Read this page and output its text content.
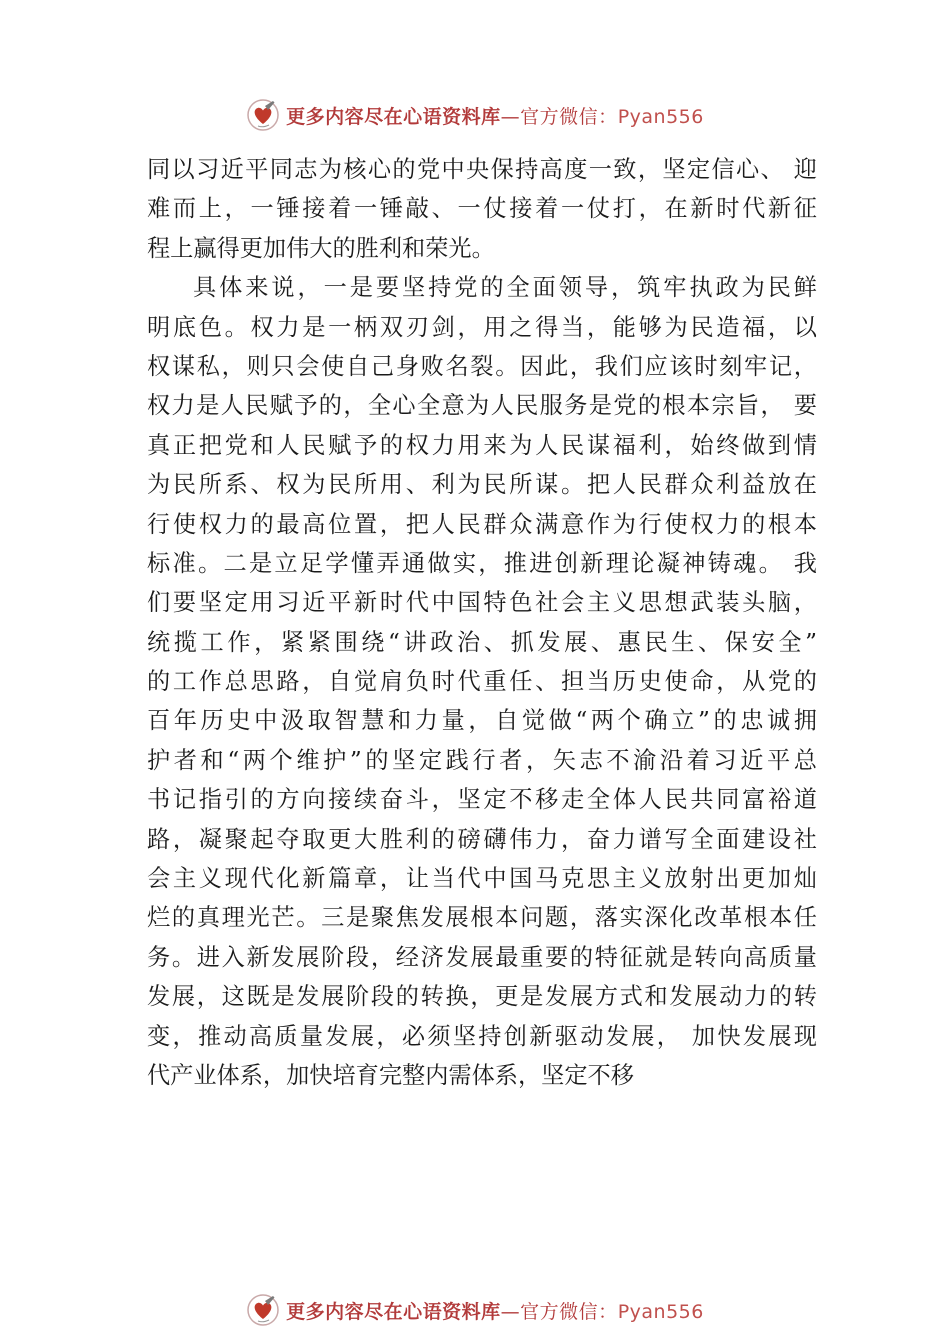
更多内容尽在心语资料库—官方微信：Pyan556
同以习近平同志为核心的党中央保持高度一致，坚定信心、 迎
难而上，一锤接着一锤敲、一仗接着一仗打，在新时代新征
程上赢得更加伟大的胜利和荣光。
具体来说，一是要坚持党的全面领导，筑牢执政为民鲜
明底色。权力是一柄双刃剑，用之得当，能够为民造福，以
权谋私，则只会使自己身败名裂。因此，我们应该时刻牢记，
权力是人民赋予的，全心全意为人民服务是党的根本宗旨， 要
真正把党和人民赋予的权力用来为人民谋福利，始终做到情
为民所系、权为民所用、利为民所谋。把人民群众利益放在
行使权力的最高位置，把人民群众满意作为行使权力的根本
标准。二是立足学懂弄通做实，推进创新理论凝神铸魂。 我
们要坚定用习近平新时代中国特色社会主义思想武装头脑，
统揽工作，紧紧围绕“讲政治、抓发展、惠民生、保安全”
的工作总思路，自觉肩负时代重任、担当历史使命，从党的
百年历史中汲取智慧和力量，自觉做“两个确立”的忠诚拥
护者和“两个维护”的坚定践行者，矢志不渝沿着习近平总
书记指引的方向接续奋斗，坚定不移走全体人民共同富裕道
路，凝聚起夺取更大胜利的磅礴伟力，奋力谱写全面建设社
会主义现代化新篇章，让当代中国马克思主义放射出更加灿
烂的真理光芒。三是聚焦发展根本问题，落实深化改革根本任
务。进入新发展阶段，经济发展最重要的特征就是转向高质量
发展，这既是发展阶段的转换，更是发展方式和发展动力的转
变，推动高质量发展，必须坚持创新驱动发展， 加快发展现
代产业体系，加快培育完整内需体系，坚定不移
更多内容尽在心语资料库—官方微信：Pyan556
